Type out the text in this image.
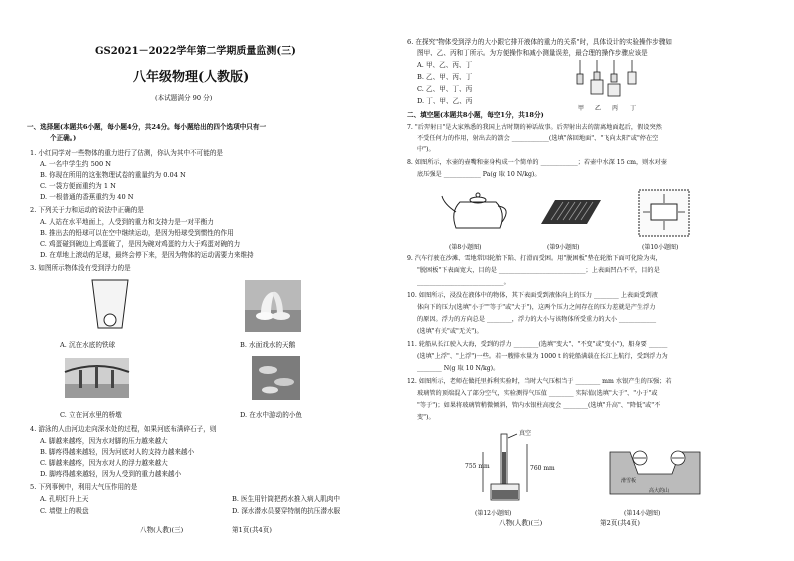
GS2021－2022学年第二学期质量监测(三)
八年级物理(人教版)
(本试题满分 90 分)
一、选择题(本题共6小题，每小题4分，共24分。每小题给出的四个选项中只有一
个正确。)
1. 小红同学对一些物体的重力进行了估测，你认为其中不可能的是
A. 一名中学生约 500 N
B. 你现在所用的这张物理试卷的重量约为 0.04 N
C. 一袋方便面重约为 1 N
D. 一根普通的香蕉重约为 40 N
2. 下列关于力和运动的说法中正确的是
A. 人站在水平地面上，人受到的重力和支持力是一对平衡力
B. 推出去的铅球可以在空中继续运动，是因为铅球受到惯性的作用
C. 鸡蛋碰到碗边上鸡蛋破了，是因为碗对鸡蛋的力大于鸡蛋对碗的力
D. 在草地上滚动的足球，最终会停下来，是因为物体的运动需要力来维持
3. 如图所示物体没有受到浮力的是
A. 沉在水底的铁球	B. 水面戏水的天鹅
C. 立在河水里的桥墩	D. 在水中游动的小鱼
4. 游泳的人由河边走向深水处的过程，如果河底布满碎石子，则
A. 脚越来越疼，因为水对脚的压力越来越大
B. 脚疼得越来越轻，因为河底对人的支持力越来越小
C. 脚越来越疼，因为水对人的浮力越来越大
D. 脚疼得越来越轻，因为人受到的重力越来越小
5. 下列事例中，利用大气压作用的是
A. 孔明灯升上天	B. 医生用针筒把药水推入病人肌肉中
C. 墙壁上的吸盘	D. 深水潜水员要穿特制的抗压潜水服
八物(人教)(三)	第1页(共4页)
6. 在探究"物体受到浮力的大小跟它排开液体的重力的关系"时，具体设计的实验操作步骤如
图甲、乙、丙和丁所示。为方便操作和减小测量误差，最合理的操作步骤应该是
A. 甲、乙、丙、丁
B. 乙、甲、丙、丁
C. 乙、甲、丁、丙
D. 丁、甲、乙、丙
甲 乙 丙 丁
二、填空题(本题共8小题，每空1分，共18分)
7. "后羿射日"是大家熟悉的我国上古时期的神话故事。后羿射出去的箭离地面起后，假设突然
不受任何力的作用，射出去的箭会 ____________(选填"落回地面"、"飞向太阳"或"停在空
中")。
8. 如图所示，水壶的壶嘴和壶身构成一个简单的 ____________；若壶中水深 15 cm，则水对壶
底压强是 ____________ Pa(g 取 10 N/kg)。
(第8小题图)	(第9小题图)	(第10小题图)
9. 汽车行驶在沙滩、雪地常因轮胎下陷、打滑而受困。用"脱困板"垫在轮胎下面可化险为夷，
"脱困板"下表面宽大，目的是 ____________________________；上表面凹凸不平，目的是
____________________________。
10. 如图所示，浸没在液体中的物体，其下表面受到液体向上的压力 ________ 上表面受到液
体向下的压力(选填"小于""等于"或"大于")，这两个压力之间存在的压力差就是产生浮力
的原因。浮力的方向总是 ________，浮力的大小与该物体所受重力的大小 ____________
(选填"有关"或"无关")。
11. 轮船从长江驶入大海，受到的浮力 ________(选填"变大"、"不变"或"变小")，船身要 ______
(选填"上浮"、"上浮")一些。若一艘排水量为 1000 t 的轮船满载在长江上航行，受到浮力为
________ N(g 取 10 N/kg)。
12. 如图所示，老师在做托里拆利实验时，当时大气压相当于 ________ mm 水银产生的压强；若
玻璃管的顶端混入了部分空气，实验测得气压值 ________ 实际值(选填"大于"、"小于"或
"等于")；如果将玻璃管稍微倾斜，管内水银柱高度会 ________(选填"升高"、"降低"或"不
变")。
真空
755 mm	760 mm
(第12小题图)
滑雪板
高大的山
(第14小题图)
八物(人教)(三)	第2页(共4页)
